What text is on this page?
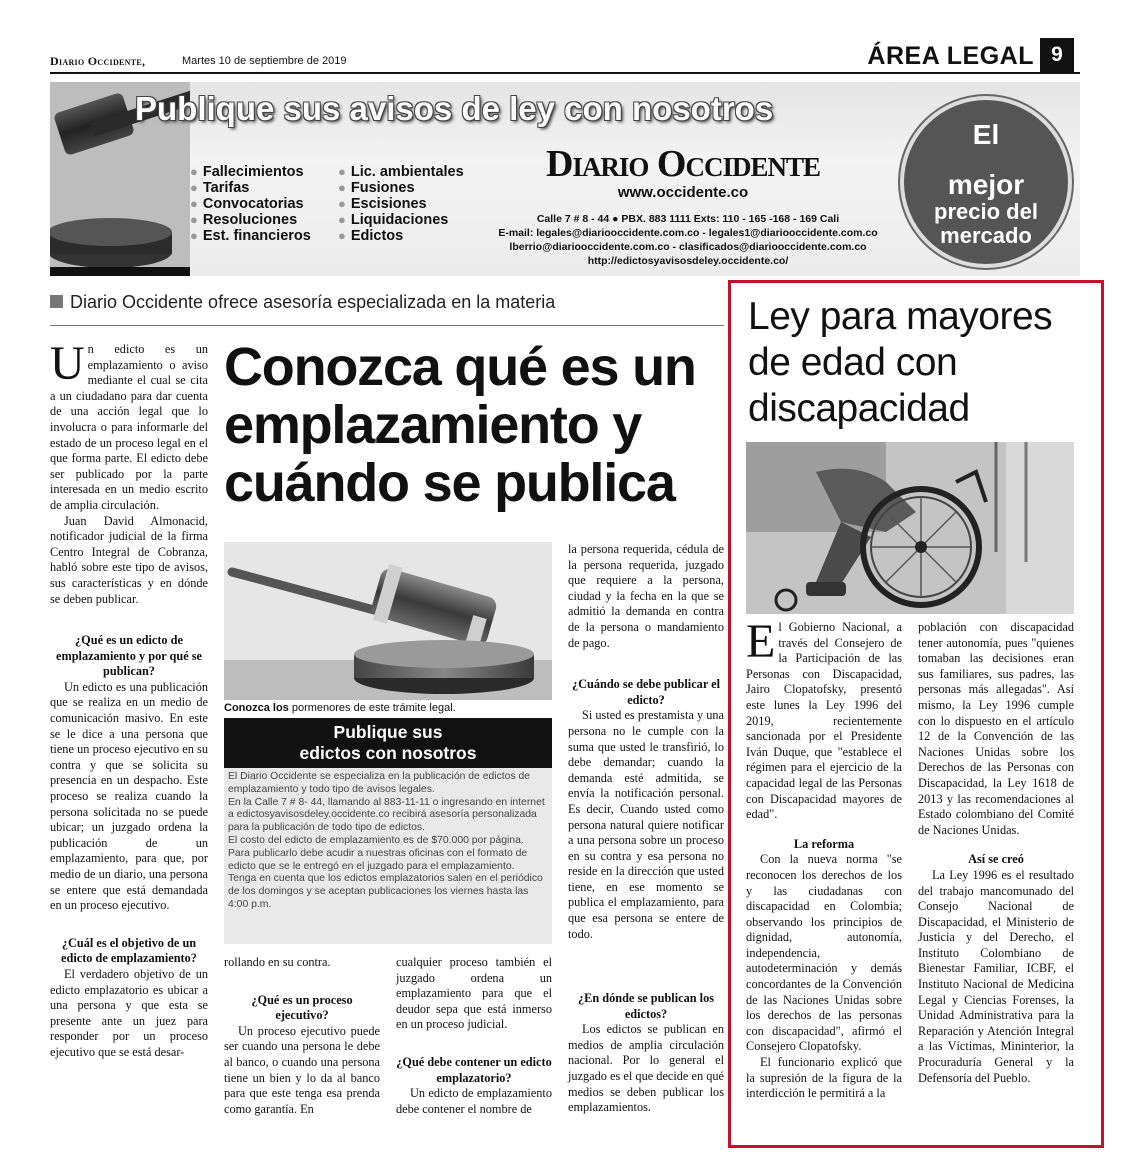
Diario Occidente,	Martes 10 de septiembre de 2019	ÁREA LEGAL 9
Publique sus avisos de ley con nosotros
● Fallecimientos
● Tarifas
● Convocatorias
● Resoluciones
● Est. financieros
● Lic. ambientales
● Fusiones
● Escisiones
● Liquidaciones
● Edictos
Diario Occidente
www.occidente.co
Calle 7 # 8 - 44 ● PBX. 883 1111 Exts: 110 - 165 -168 - 169 Cali
E-mail: legales@diariooccidente.com.co - legales1@diariooccidente.com.co
lberrio@diariooccidente.com.co - clasificados@diariooccidente.com.co
http://edictosyavisosdeley.occidente.co/
El
mejor
precio del
mercado
Diario Occidente ofrece asesoría especializada en la materia

Un edicto es un emplazamiento o aviso mediante el cual se cita a un ciudadano para dar cuenta de una acción legal que lo involucra o para informarle del estado de un proceso legal en el que forma parte. El edicto debe ser publicado por la parte interesada en un medio escrito de amplia circulación.

Juan David Almonacid, notificador judicial de la firma Centro Integral de Cobranza, habló sobre este tipo de avisos, sus características y en dónde se deben publicar.

¿Qué es un edicto de emplazamiento y por qué se publican?

Un edicto es una publicación que se realiza en un medio de comunicación masivo. En este se le dice a una persona que tiene un proceso ejecutivo en su contra y que se solicita su presencia en un despacho. Este proceso se realiza cuando la persona solicitada no se puede ubicar; un juzgado ordena la publicación de un emplazamiento, para que, por medio de un diario, una persona se entere que está demandada en un proceso ejecutivo.

¿Cuál es el objetivo de un edicto de emplazamiento?

El verdadero objetivo de un edicto emplazatorio es ubicar a una persona y que esta se presente ante un juez para responder por un proceso ejecutivo que se está desar-

Conozca qué es un emplazamiento y cuándo se publica
Conozca los pormenores de este trámite legal.
Publique sus
edictos con nosotros

El Diario Occidente se especializa en la publicación de edictos de emplazamiento y todo tipo de avisos legales.

En la Calle 7 # 8- 44, llamando al 883-11-11 o ingresando en internet a edictosyavisosdeley.occidente.co recibirá asesoría personalizada para la publicación de todo tipo de edictos.

El costo del edicto de emplazamiento es de $70.000 por página. Para publicarlo debe acudir a nuestras oficinas con el formato de edicto que se le entregó en el juzgado para el emplazamiento.

Tenga en cuenta que los edictos emplazatorios salen en el periódico de los domingos y se aceptan publicaciones los viernes hasta las 4:00 p.m.

la persona requerida, cédula de la persona requerida, juzgado que requiere a la persona, ciudad y la fecha en la que se admitió la demanda en contra de la persona o mandamiento de pago.

¿Cuándo se debe publicar el edicto?

Si usted es prestamista y una persona no le cumple con la suma que usted le transfirió, lo debe demandar; cuando la demanda esté admitida, se envía la notificación personal. Es decir, Cuando usted como persona natural quiere notificar a una persona sobre un proceso en su contra y esa persona no reside en la dirección que usted tiene, en ese momento se publica el emplazamiento, para que esa persona se entere de todo.

rollando en su contra.

¿Qué es un proceso ejecutivo?

Un proceso ejecutivo puede ser cuando una persona le debe al banco, o cuando una persona tiene un bien y lo da al banco para que este tenga esa prenda como garantía. En

cualquier proceso también el juzgado ordena un emplazamiento para que el deudor sepa que está inmerso en un proceso judicial.

¿Qué debe contener un edicto emplazatorio?

Un edicto de emplazamiento debe contener el nombre de

¿En dónde se publican los edictos?

Los edictos se publican en medios de amplia circulación nacional. Por lo general el juzgado es el que decide en qué medios se deben publicar los emplazamientos.

Ley para mayores de edad con discapacidad

El Gobierno Nacional, a través del Consejero de la Participación de las Personas con Discapacidad, Jairo Clopatofsky, presentó este lunes la Ley 1996 del 2019, recientemente sancionada por el Presidente Iván Duque, que "establece el régimen para el ejercicio de la capacidad legal de las Personas con Discapacidad mayores de edad".

La reforma

Con la nueva norma "se reconocen los derechos de los y las ciudadanas con discapacidad en Colombia; observando los principios de dignidad, autonomía, independencia, autodeterminación y demás concordantes de la Convención de las Naciones Unidas sobre los derechos de las personas con discapacidad", afirmó el Consejero Clopatofsky.

El funcionario explicó que la supresión de la figura de la interdicción le permitirá a la

población con discapacidad tener autonomía, pues "quienes tomaban las decisiones eran sus familiares, sus padres, las personas más allegadas". Así mismo, la Ley 1996 cumple con lo dispuesto en el artículo 12 de la Convención de las Naciones Unidas sobre los Derechos de las Personas con Discapacidad, la Ley 1618 de 2013 y las recomendaciones al Estado colombiano del Comité de Naciones Unidas.

Así se creó

La Ley 1996 es el resultado del trabajo mancomunado del Consejo Nacional de Discapacidad, el Ministerio de Justicia y del Derecho, el Instituto Colombiano de Bienestar Familiar, ICBF, el Instituto Nacional de Medicina Legal y Ciencias Forenses, la Unidad Administrativa para la Reparación y Atención Integral a las Víctimas, Mininterior, la Procuraduría General y la Defensoría del Pueblo.
